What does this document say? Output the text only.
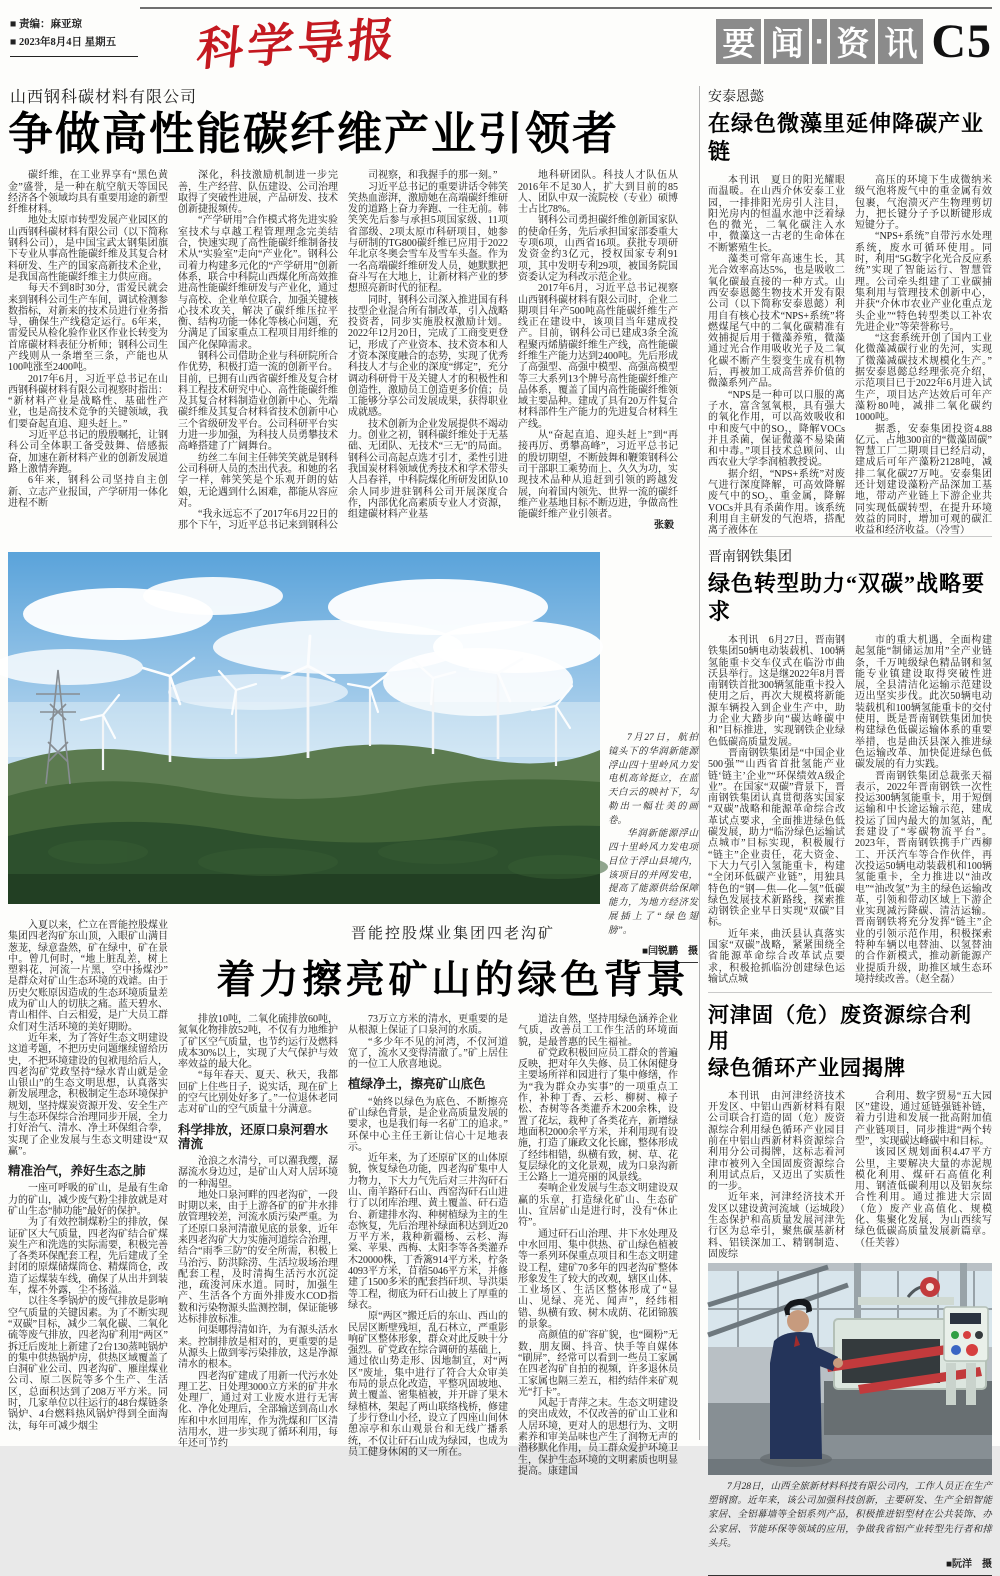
■ 责编：麻亚琼

■ 2023年8月4日 星期五	科学导报	要 闻 · 资 讯 C5

山西钢科碳材料有限公司

争做高性能碳纤维产业引领者

碳纤维，在工业界享有“黑色黄金”盛誉，是一种在航空航天等国民经济各个领域均具有重要用途的新型纤维材料。

地处太原市转型发展产业园区的山西钢科碳材料有限公司（以下简称钢科公司），是中国宝武太钢集团旗下专业从事高性能碳纤维及其复合材料研发、生产的国家高新技术企业，是我国高性能碳纤维主力供应商。

每天不到8时30分，雷爱民就会来到钢科公司生产车间，调试检测参数指标，对新来的技术员进行业务指导，确保生产线稳定运行。6年来，雷爱民从检化验作业区作业长转变为首席碳材料表征分析师；钢科公司生产线则从一条增至三条，产能也从100吨涨至2400吨。

2017年6月，习近平总书记在山西钢科碳材料有限公司视察时指出：“新材料产业是战略性、基础性产业，也是高技术竞争的关键领域，我们要奋起直追、迎头赶上。”

习近平总书记的殷殷嘱托，让钢科公司全体职工备受鼓舞、倍感振奋，加速在新材料产业的创新发展道路上激情奔跑。

6年来，钢科公司坚持自主创新、立志产业报国，产学研用一体化进程不断

深化，科技激励机制进一步完善，生产经营、队伍建设、公司治理取得了突破性进展，产品研发、技术创新捷报频传。

“产学研用”合作模式将先进实验室技术与卓越工程管理理念完美结合，快速实现了高性能碳纤维制备技术从“实验室”走向“产业化”。钢科公司着力构建多元化的“产学研用”创新体系，联合中科院山西煤化所高效推进高性能碳纤维研发与产业化，通过与高校、企业单位联合，加强关键核心技术攻关，解决了碳纤维压拉平衡、结构功能一体化等核心问题，充分满足了国家重点工程项目用纤维的国产化保障需求。

钢科公司借助企业与科研院所合作优势，积极打造一流的创新平台。目前，已拥有山西省碳纤维及复合材料工程技术研究中心、高性能碳纤维及其复合材料制造业创新中心、先端碳纤维及其复合材料省技术创新中心三个省级研发平台。公司科研平台实力进一步加强，为科技人员勇攀技术高峰搭建了广阔舞台。

纺丝二车间主任韩笑笑就是钢科公司科研人员的杰出代表。和她的名字一样，韩笑笑是个乐观开朗的姑娘，无论遇到什么困难，都能从容应对。

“我永远忘不了2017年6月22日的那个下午，习近平总书记来到钢科公

司视察，和我握手的那一刻。”

习近平总书记的重要讲话令韩笑笑热血澎湃，激励她在高端碳纤维研发的道路上奋力奔跑、一往无前。韩笑笑先后参与承担5项国家级、11项省部级、2项太原市科研项目，她参与研制的TG800碳纤维已应用于2022年北京冬奥会雪车及雪车头盔。作为一名高端碳纤维研发人员，她默默把奋斗写在大地上，让新材料产业的梦想照亮新时代的征程。

同时，钢科公司深入推进国有科技型企业混合所有制改革，引入战略投资者，同步实施股权激励计划。2022年12月20日，完成了工商变更登记，形成了产业资本、技术资本和人才资本深度融合的态势，实现了优秀科技人才与企业的深度“绑定”，充分调动科研骨干及关键人才的积极性和创造性，激励员工创造更多价值；员工能够分享公司发展成果，获得职业成就感。

技术创新为企业发展提供不竭动力。创业之初，钢科碳纤维处于无基础、无团队、无技术“三无”的局面。钢科公司高起点选才引才，柔性引进我国炭材料领域优秀技术和学术带头人吕春祥，中科院煤化所研发团队10余人同步进驻钢科公司开展深度合作，内部优化高素质专业人才资源，组建碳材料产业基

地科研团队。科技人才队伍从2016年不足30人，扩大到目前的85人、团队中双一流院校（专业）硕博士占比78%。

钢科公司勇担碳纤维创新国家队的使命任务，先后承担国家部委重大专项6项，山西省16项。获批专项研发资金约3亿元，授权国家专利91项，其中发明专利29项，被国务院国资委认定为科改示范企业。

2017年6月，习近平总书记视察山西钢科碳材料有限公司时，企业二期项目年产500吨高性能碳纤维生产线正在建设中，该项目当年建成投产。目前，钢科公司已建成3条全流程聚丙烯腈碳纤维生产线，高性能碳纤维生产能力达到2400吨。先后形成了高强型、高强中模型、高强高模型等三大系列13个牌号高性能碳纤维产品体系，覆盖了国内高性能碳纤维领域主要品种。建成了具有20万件复合材料部件生产能力的先进复合材料生产线。

从“奋起直追、迎头赶上”到“再接再厉、勇攀高峰”，习近平总书记的殷切期望，不断鼓舞和鞭策钢科公司干部职工乘势而上、久久为功，实现技术品种从追赶到引领的跨越发展，向着国内领先、世界一流的碳纤维产业基地目标不断迈进，争做高性能碳纤维产业引领者。

张毅

7月27日，航拍镜头下的华润新能源浮山四十里岭风力发电机高耸挺立，在蓝天白云的映衬下，勾勒出一幅壮美的画卷。

华润新能源浮山四十里岭风力发电项目位于浮山县境内，该项目的并网发电，提高了能源供给保障能力，为地方经济发展插上了“绿色翅膀”。

■闫锐鹏　摄

入夏以来，伫立在晋能控股煤业集团四老沟矿东山顶，入眼矿山满目葱茏，绿意盎然，矿在绿中，矿在景中。曾几何时，“地上脏乱差，树上塑料花，河流一片黑，空中扬煤沙”是群众对矿山生态环境的戏谑。由于历史欠账原因造成的生态环境质量差成为矿山人的切肤之痛。蓝天碧水、青山相伴、白云相爱，是广大员工群众们对生活环境的美好期盼。

近年来，为了答好生态文明建设这道考题，不把历史问题继续留给历史，不把环境建设的包袱甩给后人，四老沟矿党政坚持“绿水青山就是金山银山”的生态文明思想，认真落实新发展理念，积极制定生态环境保护规划，坚持煤炭资源开发、安全生产与生态环保综合治理同步开展，全力打好治气、清水、净土环保组合拳，实现了企业发展与生态文明建设“双赢”。

精准治气，养好生态之肺

一座可呼吸的矿山，是最有生命力的矿山，减少废气粉尘排放就是对矿山生态“肺功能”最好的保护。

为了有效控制煤粉尘的排放，保证矿区大气质量，四老沟矿结合矿煤炭生产和洗选的实际需要，积极完善了各类环保配套工程，先后建成了全封闭的原煤储煤筒仓、精煤筒仓，改造了运煤装车线，确保了从出井到装车，煤不外露，尘不扬溢。

以往冬季锅炉的废气排放是影响空气质量的关键因素。为了不断实现“双碳”目标，减少二氧化碳、二氧化硫等废气排放，四老沟矿利用“两区”拆迁后废址上新建了2台130蒸吨锅炉的集中供热锅炉房，供热区域覆盖了白洞矿业公司、四老沟矿、雁崖煤业公司、原二医院等多个生产、生活区，总面积达到了208万平方米。同时，几家单位以往运行的48台煤链条锅炉、4台燃料热风锅炉得到全面淘汰，每年可减少烟尘

晋能控股煤业集团四老沟矿

着力擦亮矿山的绿色背景

排放10吨，二氧化硫排放60吨，氮氧化物排放52吨，不仅有力地维护了矿区空气质量，也节约运行及燃料成本30%以上，实现了大气保护与效率效益的最大化。

“每年春天、夏天、秋天，我都回矿上住些日子，说实话，现在矿上的空气比别处好多了。”一位退休老同志对矿山的空气质量十分满意。

科学排放，还原口泉河碧水清流

沧浪之水清兮，可以濯我缨，潺潺流水身边过，是矿山人对人居环境的一种渴望。

地处口泉河畔的四老沟矿，一段时期以来，由于上游各矿的矿井水排放管理较差，河流水质污染严重。为了还原口泉河清澈见底的景象，近年来四老沟矿大力实施河道综合治理，结合“雨季三防”的安全所需，积极上马治污、防洪除涝、生活垃圾场治理配套工程，及时清掏生活污水沉淀池，疏浚河床水道。同时，加强生产、生活各个方面外排废水COD指数和污染物源头监测控制，保证能够达标排放标准。

问渠哪得清如许，为有源头活水来。控制排放是相对的，更重要的是从源头上做到零污染排放，这是净源清水的根本。

四老沟矿建成了用新一代污水处理工艺、日处理3000立方米的矿井水处理厂，通过对工业废水进行无害化、净化处理后，全部输送到高山水库和中水回用库，作为洗煤和厂区清洁用水，进一步实现了循环利用，每年还可节约

73万立方米的清水，更重要的是从根源上保证了口泉河的水质。

“多少年不见的河湾，不仅河道宽了，流水又变得清澈了。”矿上居住的一位工人欣喜地说。

植绿净土，擦亮矿山底色

“始终以绿色为底色、不断擦亮矿山绿色背景，是企业高质量发展的要求，也是我们每一名矿工的追求。”环保中心主任王新让信心十足地表示。

近年来，为了还原矿区的山体原貌，恢复绿色功能，四老沟矿集中人力物力，下大力气先后对三井沟矸石山、南羊路矸石山、西窑沟矸石山进行了以闭库治理、黄土覆盖、矸石造台、新建排水沟、种树植绿为主的生态恢复，先后治理补绿面积达到近20万平方米，栽种新疆杨、云杉、海棠、苹果、西梅、太阳李等各类灌乔木20000株，丁香篱914平方米，柠条4093平方米，苜蓿5046平方米，并修建了1500多米的配套挡矸坝、导洪渠等工程，彻底为矸石山披上了厚重的绿衣。

原“两区”搬迁后的东山、西山的民居区断壁残垣，乱石林立，严重影响矿区整体形象，群众对此反映十分强烈。矿党政在综合调研的基础上，通过依山势走形、因地制宜，对“两区”废址，集中进行了符合大众审美布局的景点化改造，平整巩固坡地、黄土覆盖、密集植被，并开辟了果木绿植林，架起了两山联络栈桥，修建了步行登山小径，设立了四座山间休憩凉亭和东山观景台和无线广播系统，不仅让矸石山成为绿园，也成为员工健身休闲的又一所在。

道法自然，坚持用绿色涵养企业气质，改善员工工作生活的环境面貌，是最普惠的民生福祉。

矿党政积极回应员工群众的普遍反映，把对年久失修、员工休闲健身主要场所祥和园进行了集中修缮，作为“我为群众办实事”的一项重点工作，补种丁香、云杉、柳树、樟子松、杏树等各类灌乔木200余株，设置了花坛，栽种了各类花卉，新增绿地面积2000余平方米，并利用现有设施，打造了廉政文化长廊，整体形成了经纬相错，纵横有致，树、草、花复层绿化的文化景观，成为口泉沟新王公路上一道亮丽的风景线。

奏响企业发展与生态文明建设双赢的乐章，打造绿化矿山、生态矿山、宜居矿山是进行时，没有“休止符”。

通过矸石山治理、井下水处理及中水回用、集中供热、矿山绿色植被等一系列环保重点项目和生态文明建设工程，建矿70多年的四老沟矿整体形象发生了较大的改观，辖区山体、工业场区、生活区整体形成了“显山、见绿、亮光、闻声”，经纬相错、纵横有致、树木成荫、花团锦簇的景象。

高颜值的矿容矿貌，也“圈粉”无数，朋友圈、抖音、快手等自媒体“刷屏”，经常可以看到一些员工家属在四老沟矿自拍的视频，许多退休员工家属也隔三差五，相约结伴来矿观光“打卡”。

风起于青萍之末。生态文明建设的突出成效，不仅改善的矿山工业和人居环境，更对人的思想行为、文明素养和审美品味也产生了润物无声的潜移默化作用，员工群众爱护环境卫生，保护生态环境的文明素质也明显提高。康建国

安泰恩懿

在绿色微藻里延伸降碳产业链

本刊讯　夏日的阳光耀眼而温暖。在山西介休安泰工业园，一排排阳光房引人注目，阳光房内的恒温水池中泛着绿色的微光，二氧化碳注入水中，微藻这一古老的生命体在不断繁殖生长。

藻类可常年高速生长，其光合效率高达5%，也是吸收二氧化碳最直接的一种方式。山西安泰恩懿生物技术开发有限公司（以下简称安泰恩懿）利用自有核心技术“NPS+系统”将燃煤尾气中的二氧化碳精准有效捕捉后用于微藻养殖，微藻通过光合作用吸收光子及二氧化碳不断产生裂变生成有机物后，再被加工成高营养价值的微藻系列产品。

“NPS是一种可以口服的离子水，富含氢氧根，具有强大的氧化作用，可以高效吸收和中和废气中的SO₂，降解VOCs并且杀菌，保证微藻不易染菌和中毒。”项目技术总顾问、山西农业大学李润植教授说。

据介绍，“NPS+系统”对废气进行深度降解，可高效降解废气中的SO₂、重金属，降解VOCs并具有杀菌作用。该系统利用自主研发的气泡塔，搭配离子液体在

高压的环境下生成微纳米级气泡将废气中的重金属有效包裹，气泡溃灭产生物理剪切力，把长键分子予以断键形成短键分子。

“NPS+系统”自带污水处理系统，废水可循环使用。同时，利用“5G数字化光合反应系统”实现了智能运行、智慧管理。公司牵头组建了工业碳捕集利用与管理技术创新中心，并获“介休市农业产业化重点龙头企业”“特色转型类以工补农先进企业”等荣誉称号。

“这套系统开创了国内工业化微藻减碳行业的先河，实现了微藻减碳技术规模化生产。”据安泰恩懿总经理张亮介绍，示范项目已于2022年6月进入试生产，项目达产达效后可年产藻粉80吨，减排二氧化碳约1000吨。

据悉，安泰集团投资4.88亿元、占地300亩的“微藻固碳”智慧工厂二期项目已经启动，建成后可年产藻粉2128吨，减排二氧化碳27万吨。安泰集团还计划建设藻粉产品深加工基地，带动产业链上下游企业共同实现低碳转型，在提升环境效益的同时，增加可观的碳汇收益和经济收益。（冷雪）

晋南钢铁集团

绿色转型助力“双碳”战略要求

本刊讯　6月27日，晋南钢铁集团50辆电动装载机、100辆氢能重卡交车仪式在临汾市曲沃县举行。这是继2022年8月晋南钢铁首批300辆氢能重卡投入使用之后，再次大规模将新能源车辆投入到企业生产中，助力企业大踏步向“碳达峰碳中和”目标推进，实现钢铁企业绿色低碳高质量发展。

晋南钢铁集团是“中国企业500强”“山西省首批氢能产业链‘链主’企业”“环保绩效A级企业”。在国家“双碳”背景下，晋南钢铁集团认真贯彻落实国家“双碳”战略和能源革命综合改革试点要求，全面推进绿色低碳发展，助力“临汾绿色运输试点城市”目标实现，积极履行“链主”企业责任，花大资金、下大力气引入氢能重卡，构建“全闭环低碳产业链”，用独具特色的“钢—焦—化—氢”低碳绿色发展技术新路线，探索推动钢铁企业早日实现“双碳”目标。

近年来，曲沃县认真落实国家“双碳”战略，紧紧围绕全省能源革命综合改革试点要求，积极抢抓临汾创建绿色运输试点城

市的重大机遇，全面构建起氢能“制储运加用”全产业链条，千万吨级绿色精品钢和氢能专业镇建设取得突破性进展，全县清洁化运输示范建设迈出坚实步伐。此次50辆电动装载机和100辆氢能重卡的交付使用，既是晋南钢铁集团加快构建绿色低碳运输体系的重要举措，也是曲沃县深入推进绿色运输改革、加快促进绿色低碳发展的有力实践。

晋南钢铁集团总裁张天福表示，2022年晋南钢铁一次性投运300辆氢能重卡，用于短倒运输和中长途运输示范，建成投运了国内最大的加氢站，配套建设了“零碳物流平台”。2023年，晋南钢铁携手广西柳工、开沃汽车等合作伙伴，再次投运50辆电动装载机和100辆氢能重卡，全力推进以“油改电”“油改氢”为主的绿色运输改革，引领和带动区域上下游企业实现减污降碳、清洁运输。晋南钢铁将充分发挥“链主”企业的引领示范作用，积极探索特种车辆以电替油、以氢替油的合作新模式，推动新能源产业提质升级，助推区域生态环境持续改善。（赵全磊）

河津固（危）废资源综合利用
绿色循环产业园揭牌

本刊讯　由河津经济技术开发区、中铝山西新材料有限公司联合打造的固（危）废资源综合利用绿色循环产业园目前在中铝山西新材料资源综合利用分公司揭牌，这标志着河津市被列入全国固废资源综合利用试点后，又迈出了实质性的一步。

近年来，河津经济技术开发区以建设黄河流域（运城段）生态保护和高质量发展河津先行区为总牵引，聚焦碳基新材料、铝镁深加工、精钢制造、固废综

合利用、数字贸易“五大园区”建设，通过延链强链补链，着力引进和发展一批高附加值产业链项目，同步推进“两个转型”，实现碳达峰碳中和目标。

该园区规划面积4.47平方公里，主要解决大量的赤泥规模化利用、煤矸石高值化利用、钢渣低碳利用以及铝灰综合性利用。通过推进大宗固（危）废产业高值化、规模化、集聚化发展，为山西续写绿色低碳高质量发展新篇章。（任芙蓉）

7月28日，山西全旅新材料科技有限公司内，工作人员正在生产塑钢窗。近年来，该公司加强科技创新，主要研发、生产全铝智能家居、全铝幕墙等全铝系列产品，积极推进铝型材在公共装饰、办公家居、节能环保等领域的应用，争做我省铝产业转型先行者和排头兵。

■阮洋　摄
